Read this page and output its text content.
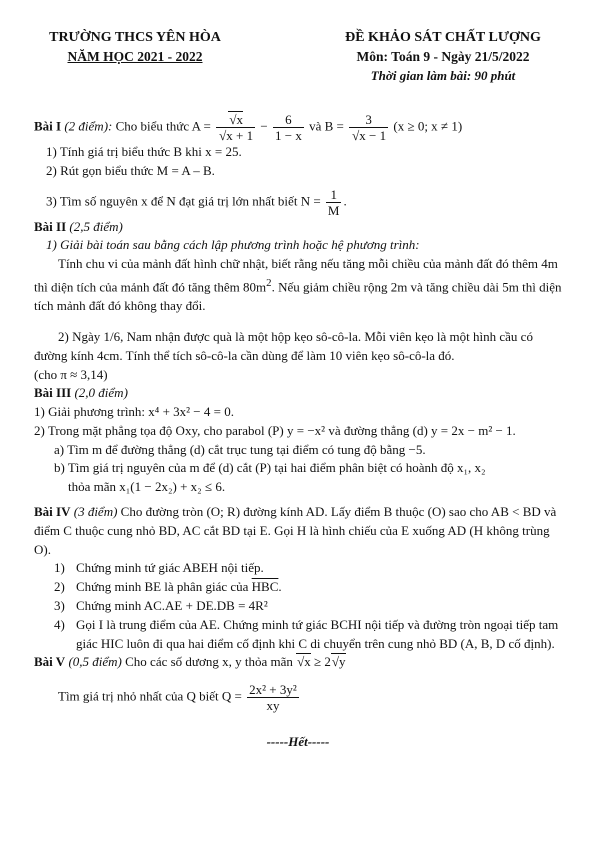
TRƯỜNG THCS YÊN HÒA
NĂM HỌC 2021 - 2022
ĐỀ KHẢO SÁT CHẤT LƯỢNG
Môn: Toán 9 - Ngày 21/5/2022
Thời gian làm bài: 90 phút
Bài I (2 điểm): Cho biểu thức A = √ x
√ $x + 1 - \frac{6}{1 - x}$ và B = 3
√ x − 1 (x ≥ 0; x ≠ 1)
1) Tính giá trị biểu thức B khi x = 25.
2) Rút gọn biểu thức M = A – B.
3) Tìm số nguyên x để N đạt giá trị lớn nhất biết $N = \frac{1}{M}$ .
Bài II (2,5 điểm)
1) Giải bài toán sau bằng cách lập phương trình hoặc hệ phương trình:
Tính chu vi của mảnh đất hình chữ nhật, biết rằng nếu tăng mỗi chiều của mảnh đất đó thêm 4m thì diện tích của mảnh đất đó tăng thêm $80m^2$. Nếu giảm chiều rộng 2m và tăng chiều dài 5m thì diện tích mảnh đất đó không thay đổi.
2) Ngày 1/6, Nam nhận được quà là một hộp kẹo sô-cô-la. Mỗi viên kẹo là một hình cầu có đường kính 4cm. Tính thể tích sô-cô-la cần dùng để làm 10 viên kẹo sô-cô-la đó.
(cho π ≈ 3,14)
Bài III (2,0 điểm)
1) Giải phương trình: x⁴ + 3x² − 4 = 0.
2) Trong mặt phẳng tọa độ Oxy, cho parabol (P) y = −x² và đường thẳng (d) y = 2x − m² − 1.
a) Tìm m để đường thẳng (d) cắt trục tung tại điểm có tung độ bằng −5.
b) Tìm giá trị nguyên của m để (d) cắt (P) tại hai điểm phân biệt có hoành độ x₁, x₂
thỏa mãn x₁(1 − 2x₂) + x₂ ≤ 6.
Bài IV (3 điểm) Cho đường tròn (O; R) đường kính AD. Lấy điểm B thuộc (O) sao cho AB < BD và điểm C thuộc cung nhỏ BD, AC cắt BD tại E. Gọi H là hình chiếu của E xuống AD (H không trùng O).
1) Chứng minh tứ giác ABEH nội tiếp.
2) Chứng minh BE là phân giác của $\overline{HBC}$.
3) Chứng minh AC.AE + DE.DB = 4R²
4) Gọi I là trung điểm của AE. Chứng minh tứ giác BCHI nội tiếp và đường tròn ngoại tiếp tam giác HIC luôn đi qua hai điểm cố định khi C di chuyển trên cung nhỏ BD (A, B, D cố định).
Bài V (0,5 điểm) Cho các số dương x, y thỏa mãn √ x ≥ 2 √ y
Tìm giá trị nhỏ nhất của Q biết $Q = \frac{\text{2x² + 3y²}}{xy}$
-----Hết-----
